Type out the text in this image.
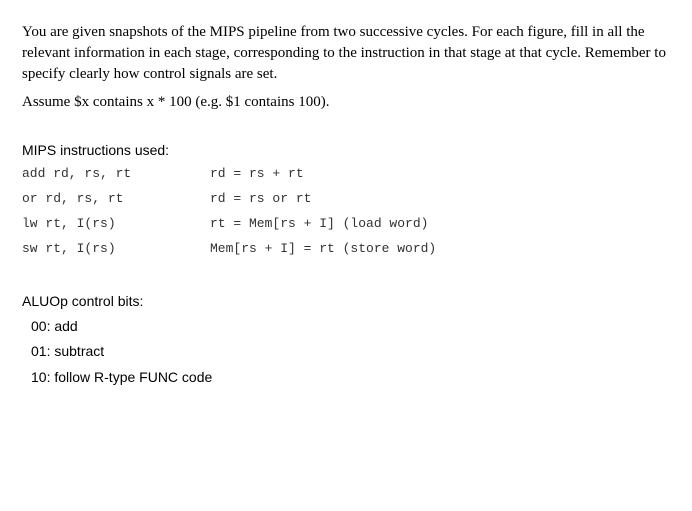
You are given snapshots of the MIPS pipeline from two successive cycles. For each figure, fill in all the relevant information in each stage, corresponding to the instruction in that stage at that cycle. Remember to specify clearly how control signals are set.
Assume $x contains x * 100 (e.g. $1 contains 100).
MIPS instructions used:
add rd, rs, rt	rd = rs + rt
or rd, rs, rt	rd = rs or rt
lw rt, I(rs)	rt = Mem[rs + I] (load word)
sw rt, I(rs)	Mem[rs + I] = rt (store word)
ALUOp control bits:
00: add
01: subtract
10: follow R-type FUNC code
